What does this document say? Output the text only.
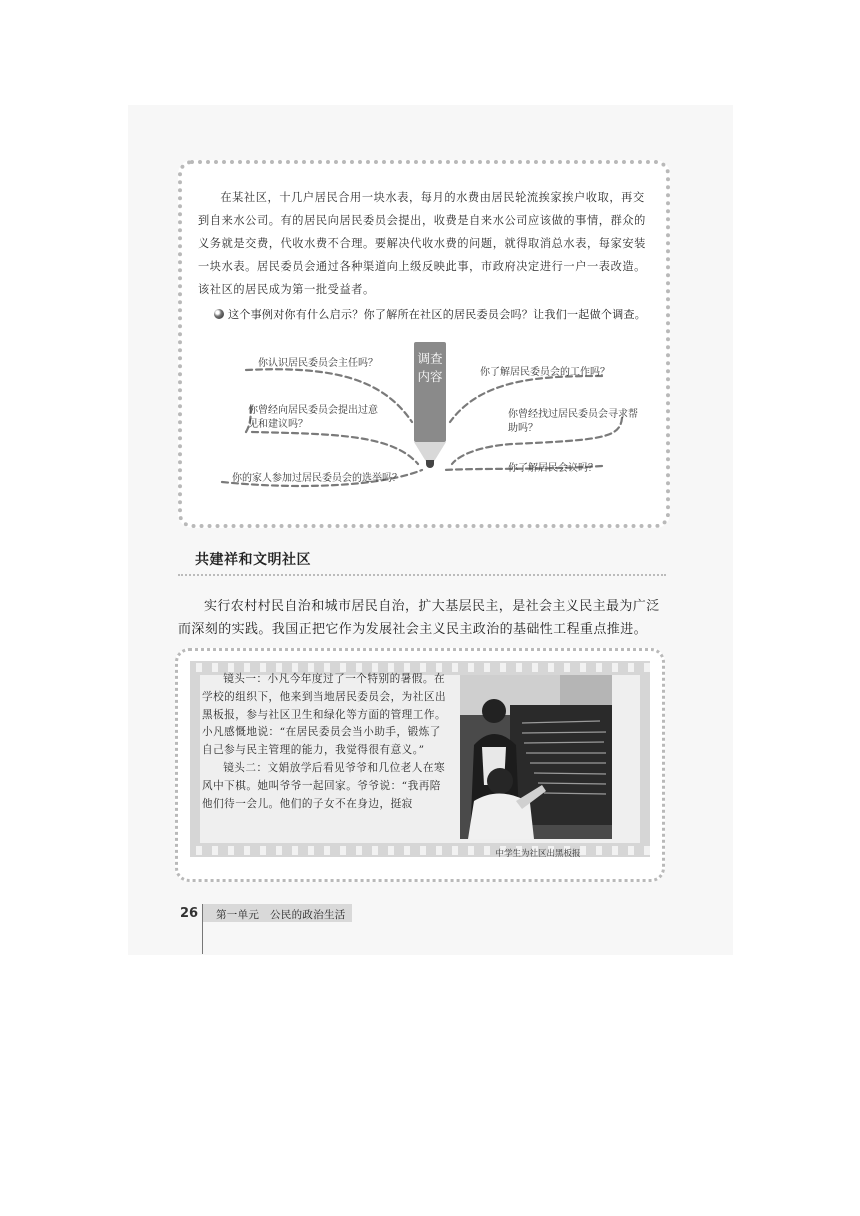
在某社区，十几户居民合用一块水表，每月的水费由居民轮流挨家挨户收取，再交到自来水公司。有的居民向居民委员会提出，收费是自来水公司应该做的事情，群众的义务就是交费，代收水费不合理。要解决代收水费的问题，就得取消总水表，每家安装一块水表。居民委员会通过各种渠道向上级反映此事，市政府决定进行一户一表改造。该社区的居民成为第一批受益者。

这个事例对你有什么启示？你了解所在社区的居民委员会吗？让我们一起做个调查。
调查内容
你认识居民委员会主任吗？
你曾经向居民委员会提出过意见和建议吗？
你的家人参加过居民委员会的选举吗？
你了解居民委员会的工作吗？
你曾经找过居民委员会寻求帮助吗？
你了解居民会议吗？
共建祥和文明社区

实行农村村民自治和城市居民自治，扩大基层民主，是社会主义民主最为广泛而深刻的实践。我国正把它作为发展社会主义民主政治的基础性工程重点推进。

镜头一：小凡今年度过了一个特别的暑假。在学校的组织下，他来到当地居民委员会，为社区出黑板报，参与社区卫生和绿化等方面的管理工作。小凡感慨地说：“在居民委员会当小助手，锻炼了自己参与民主管理的能力，我觉得很有意义。”

镜头二：文娟放学后看见爷爷和几位老人在寒风中下棋。她叫爷爷一起回家。爷爷说：“我再陪他们待一会儿。他们的子女不在身边，挺寂

中学生为社区出黑板报
26 第一单元　公民的政治生活
